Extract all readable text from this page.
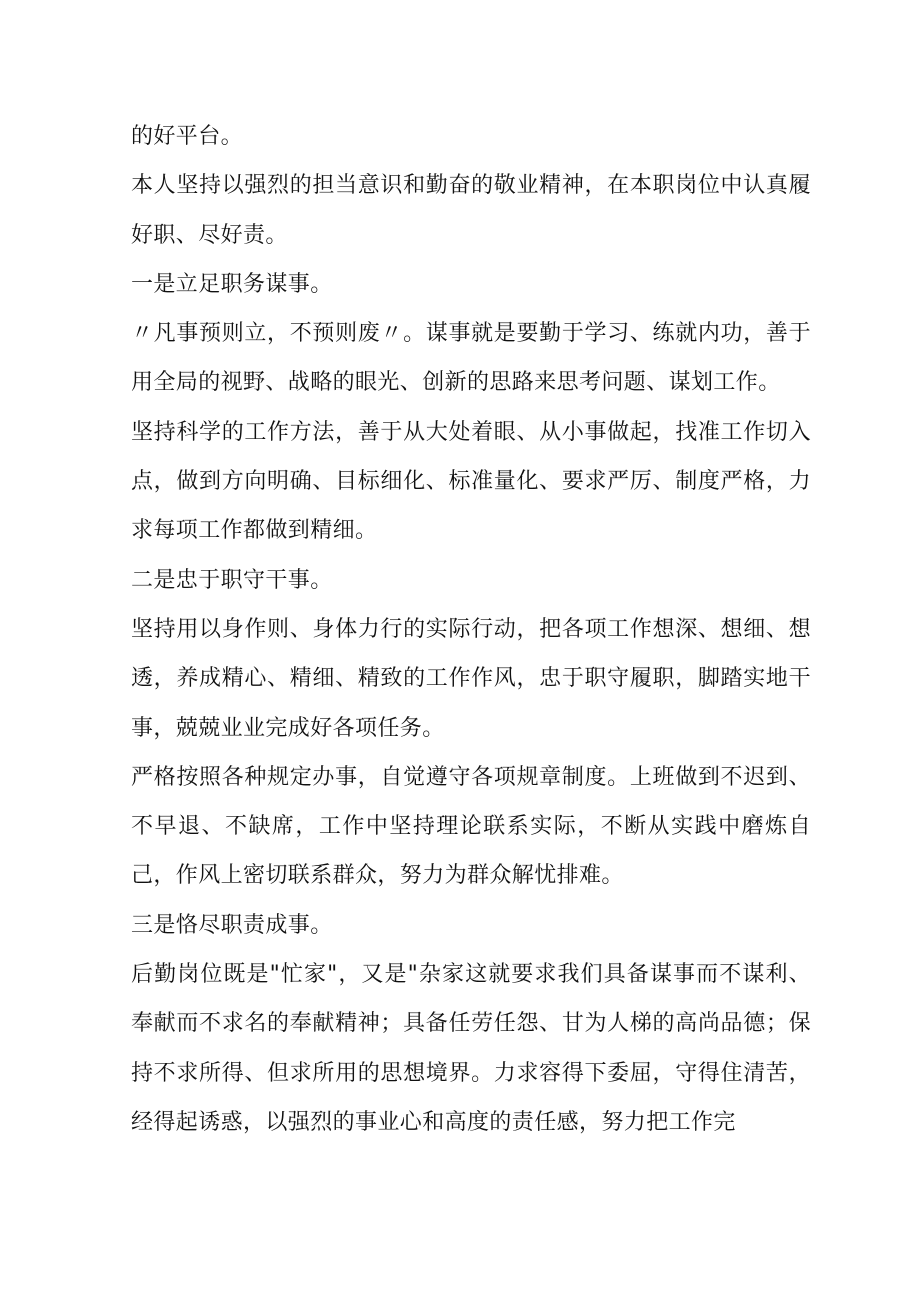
的好平台。

本人坚持以强烈的担当意识和勤奋的敬业精神，在本职岗位中认真履好职、尽好责。

一是立足职务谋事。

〃凡事预则立，不预则废〃。谋事就是要勤于学习、练就内功，善于用全局的视野、战略的眼光、创新的思路来思考问题、谋划工作。

坚持科学的工作方法，善于从大处着眼、从小事做起，找准工作切入点，做到方向明确、目标细化、标准量化、要求严厉、制度严格，力求每项工作都做到精细。

二是忠于职守干事。

坚持用以身作则、身体力行的实际行动，把各项工作想深、想细、想透，养成精心、精细、精致的工作作风，忠于职守履职，脚踏实地干事，兢兢业业完成好各项任务。

严格按照各种规定办事，自觉遵守各项规章制度。上班做到不迟到、不早退、不缺席，工作中坚持理论联系实际，不断从实践中磨炼自己，作风上密切联系群众，努力为群众解忧排难。

三是恪尽职责成事。

后勤岗位既是"忙家"，又是"杂家这就要求我们具备谋事而不谋利、奉献而不求名的奉献精神；具备任劳任怨、甘为人梯的高尚品德；保持不求所得、但求所用的思想境界。力求容得下委屈，守得住清苦，经得起诱惑，以强烈的事业心和高度的责任感，努力把工作完
